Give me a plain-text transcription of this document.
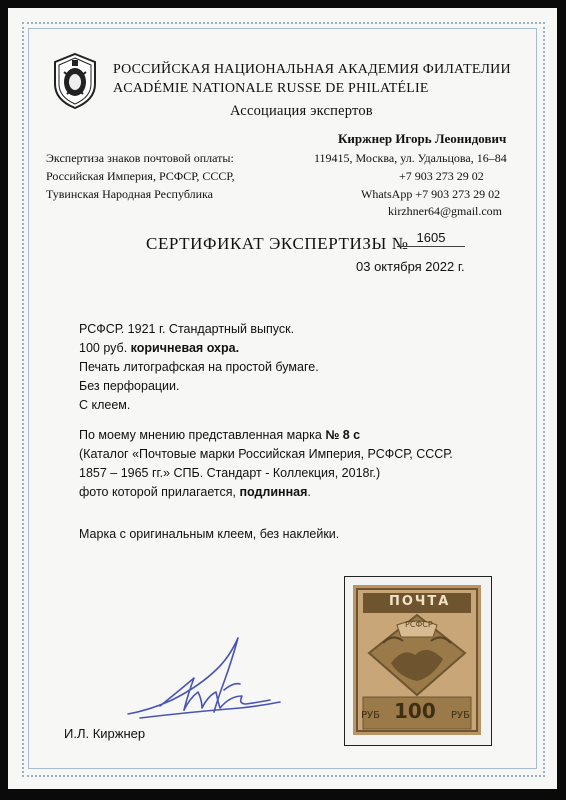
РОССИЙСКАЯ НАЦИОНАЛЬНАЯ АКАДЕМИЯ ФИЛАТЕЛИИ
ACADÉMIE NATIONALE RUSSE DE PHILATÉLIE
Ассоциация экспертов
Киржнер Игорь Леонидович
119415, Москва, ул. Удальцова, 16–84
+7 903 273 29 02
WhatsApp +7 903 273 29 02
kirzhner64@gmail.com
Экспертиза знаков почтовой оплаты:
Российская Империя, РСФСР, СССР,
Тувинская Народная Республика
СЕРТИФИКАТ ЭКСПЕРТИЗЫ № 1605
03 октября 2022 г.
РСФСР. 1921 г. Стандартный выпуск.
100 руб. коричневая охра.
Печать литографская на простой бумаге.
Без перфорации.
С клеем.
По моему мнению представленная марка № 8 с
(Каталог «Почтовые марки Российская Империя, РСФСР, СССР.
1857 – 1965 гг.» СПБ. Стандарт - Коллекция, 2018г.)
фото которой прилагается, подлинная.
Марка с оригинальным клеем, без наклейки.
И.Л. Киржнер
ПОЧТА
РСФСР
РУБ 100 РУБ
